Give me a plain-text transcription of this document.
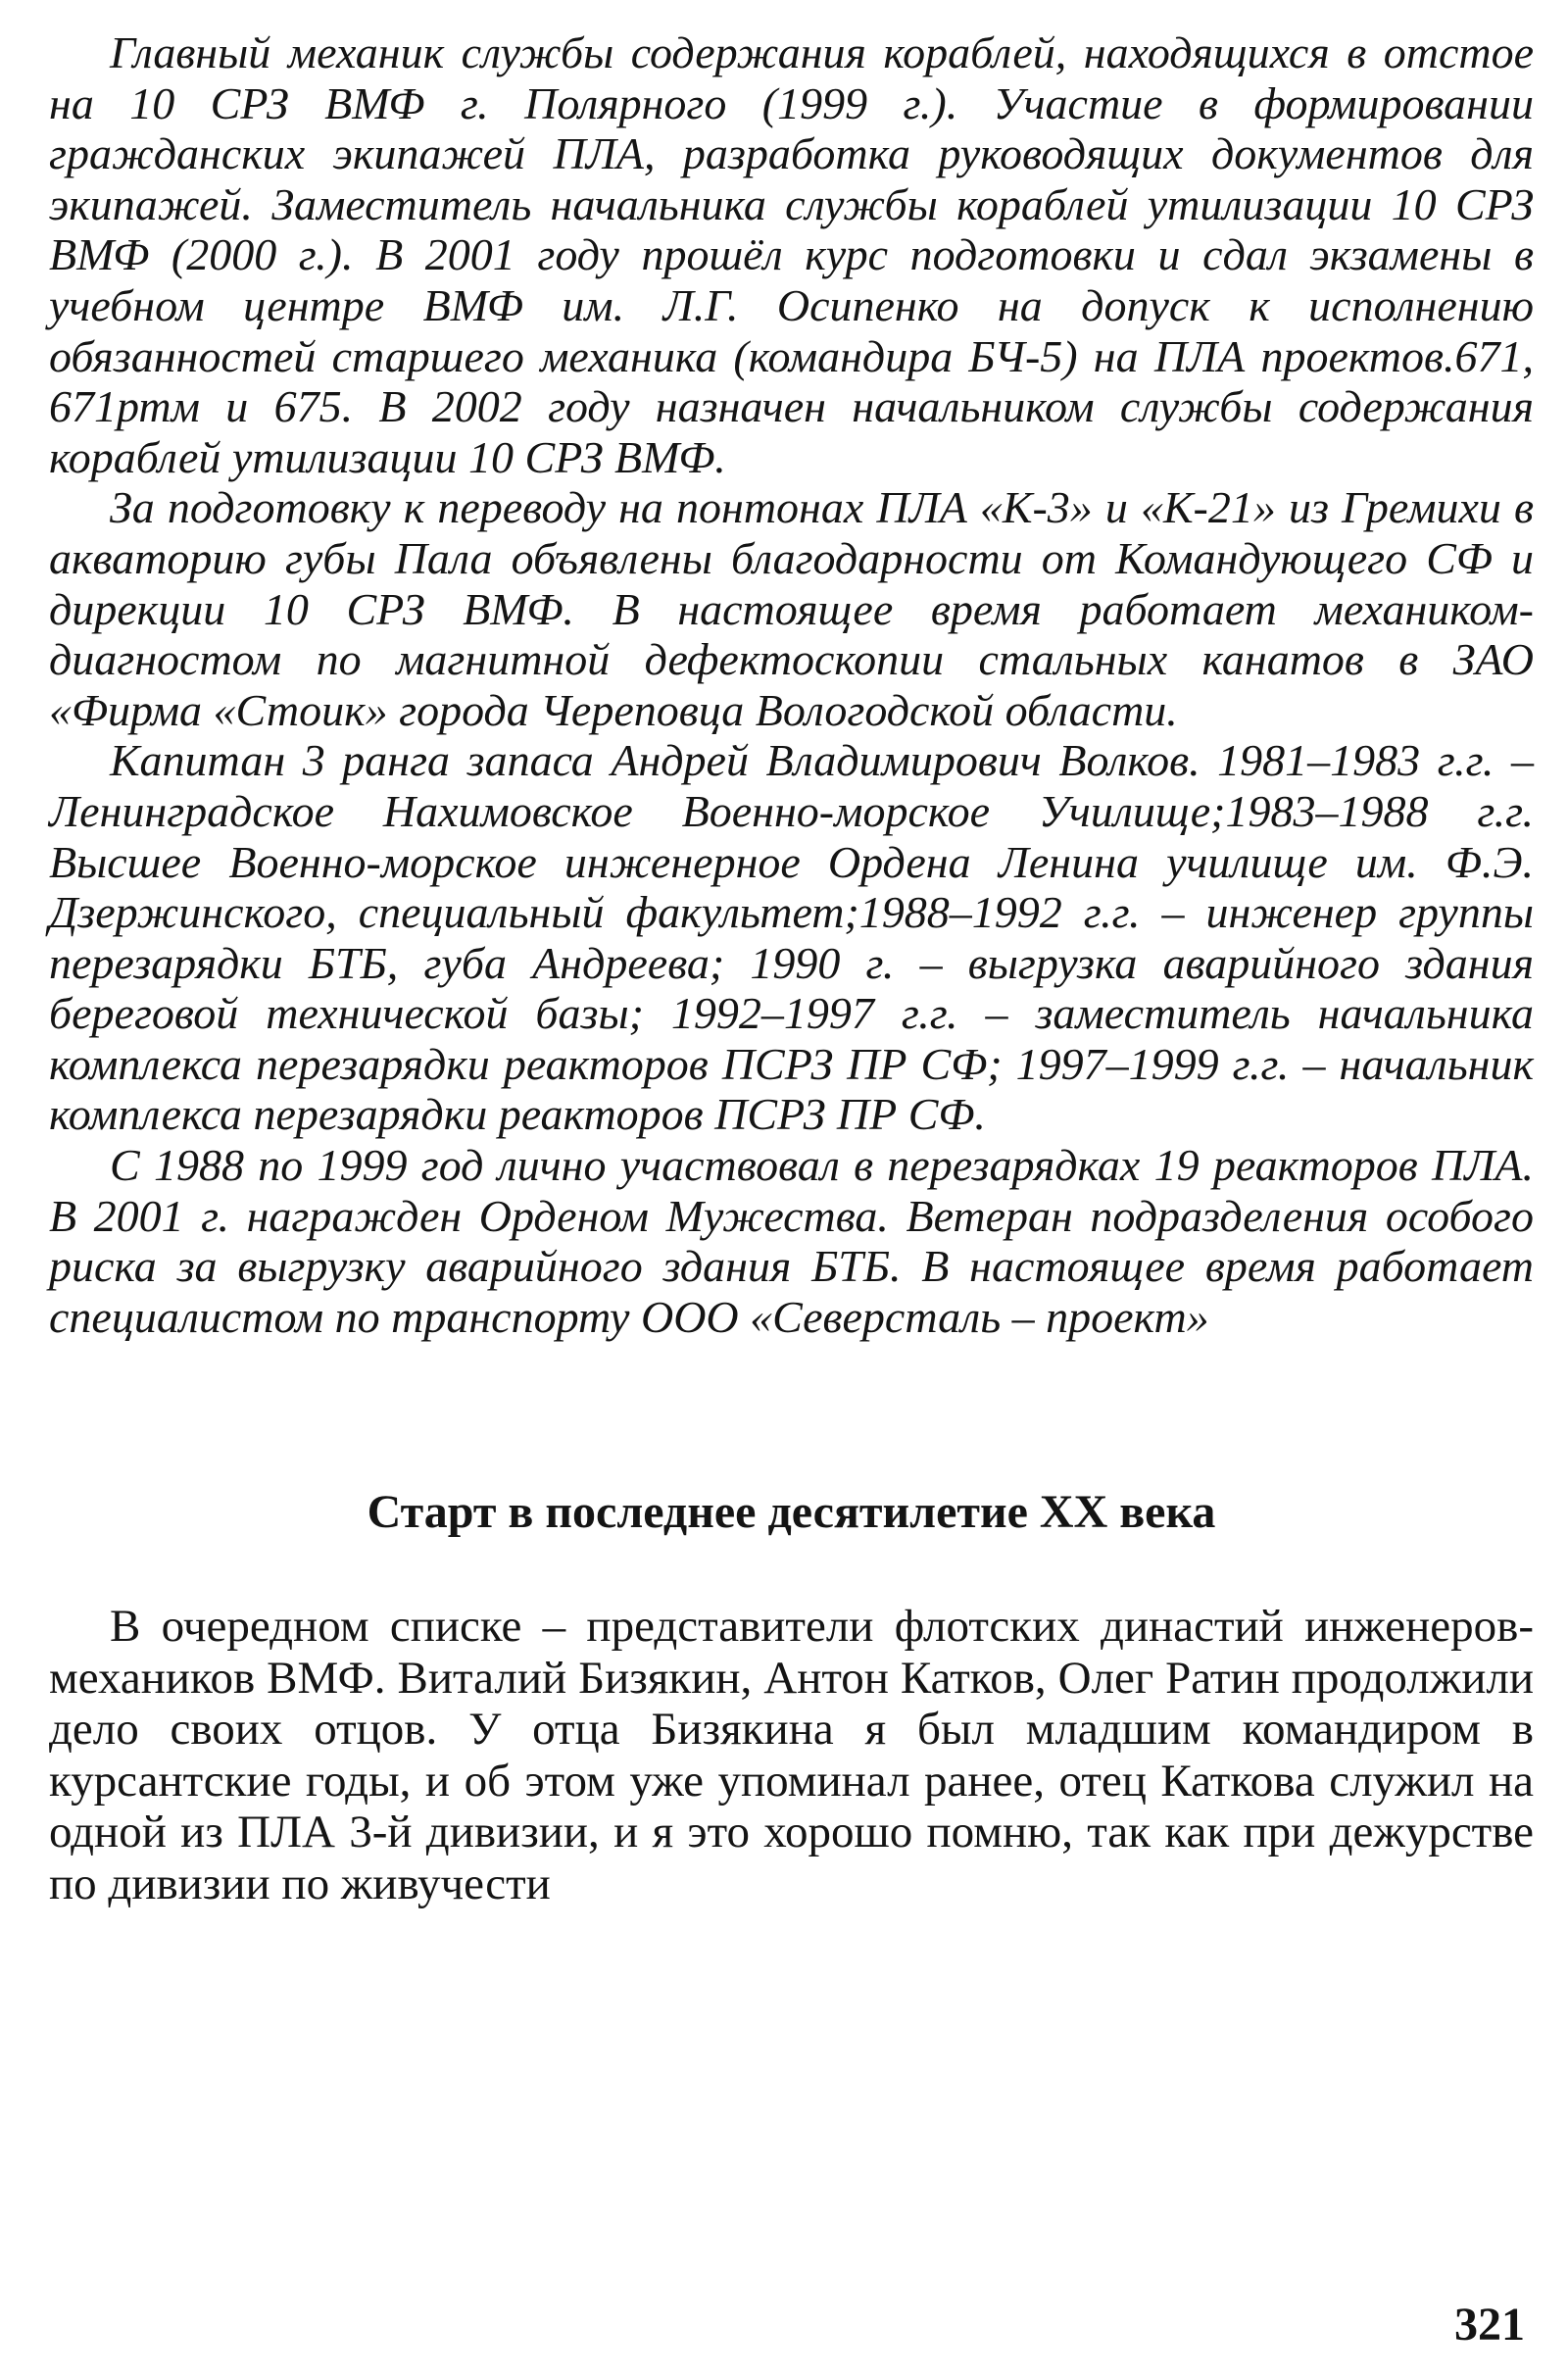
Главный механик службы содержания кораблей, находящихся в отстое на 10 СРЗ ВМФ г. Полярного (1999 г.). Участие в формировании гражданских экипажей ПЛА, разработка руководящих документов для экипажей. Заместитель начальника службы кораблей утилизации 10 СРЗ ВМФ (2000 г.). В 2001 году прошёл курс подготовки и сдал экзамены в учебном центре ВМФ им. Л.Г. Осипенко на допуск к исполнению обязанностей старшего механика (командира БЧ-5) на ПЛА проектов.671, 671ртм и 675. В 2002 году назначен начальником службы содержания кораблей утилизации 10 СРЗ ВМФ.

За подготовку к переводу на понтонах ПЛА «К-3» и «К-21» из Гремихи в акваторию губы Пала объявлены благодарности от Командующего СФ и дирекции 10 СРЗ ВМФ. В настоящее время работает механиком-диагностом по магнитной дефектоскопии стальных канатов в ЗАО «Фирма «Стоик» города Череповца Вологодской области.

Капитан 3 ранга запаса Андрей Владимирович Волков. 1981–1983 г.г. – Ленинградское Нахимовское Военно-морское Училище;1983–1988 г.г. Высшее Военно-морское инженерное Ордена Ленина училище им. Ф.Э. Дзержинского, специальный факультет;1988–1992 г.г. – инженер группы перезарядки БТБ, губа Андреева; 1990 г. – выгрузка аварийного здания береговой технической базы; 1992–1997 г.г. – заместитель начальника комплекса перезарядки реакторов ПСРЗ ПР СФ; 1997–1999 г.г. – начальник комплекса перезарядки реакторов ПСРЗ ПР СФ.

С 1988 по 1999 год лично участвовал в перезарядках 19 реакторов ПЛА. В 2001 г. награжден Орденом Мужества. Ветеран подразделения особого риска за выгрузку аварийного здания БТБ. В настоящее время работает специалистом по транспорту ООО «Северсталь – проект»

Старт в последнее десятилетие XX века

В очередном списке – представители флотских династий инженеров-механиков ВМФ. Виталий Бизякин, Антон Катков, Олег Ратин продолжили дело своих отцов. У отца Бизякина я был младшим командиром в курсантские годы, и об этом уже упоминал ранее, отец Каткова служил на одной из ПЛА 3-й дивизии, и я это хорошо помню, так как при дежурстве по дивизии по живучести

321
